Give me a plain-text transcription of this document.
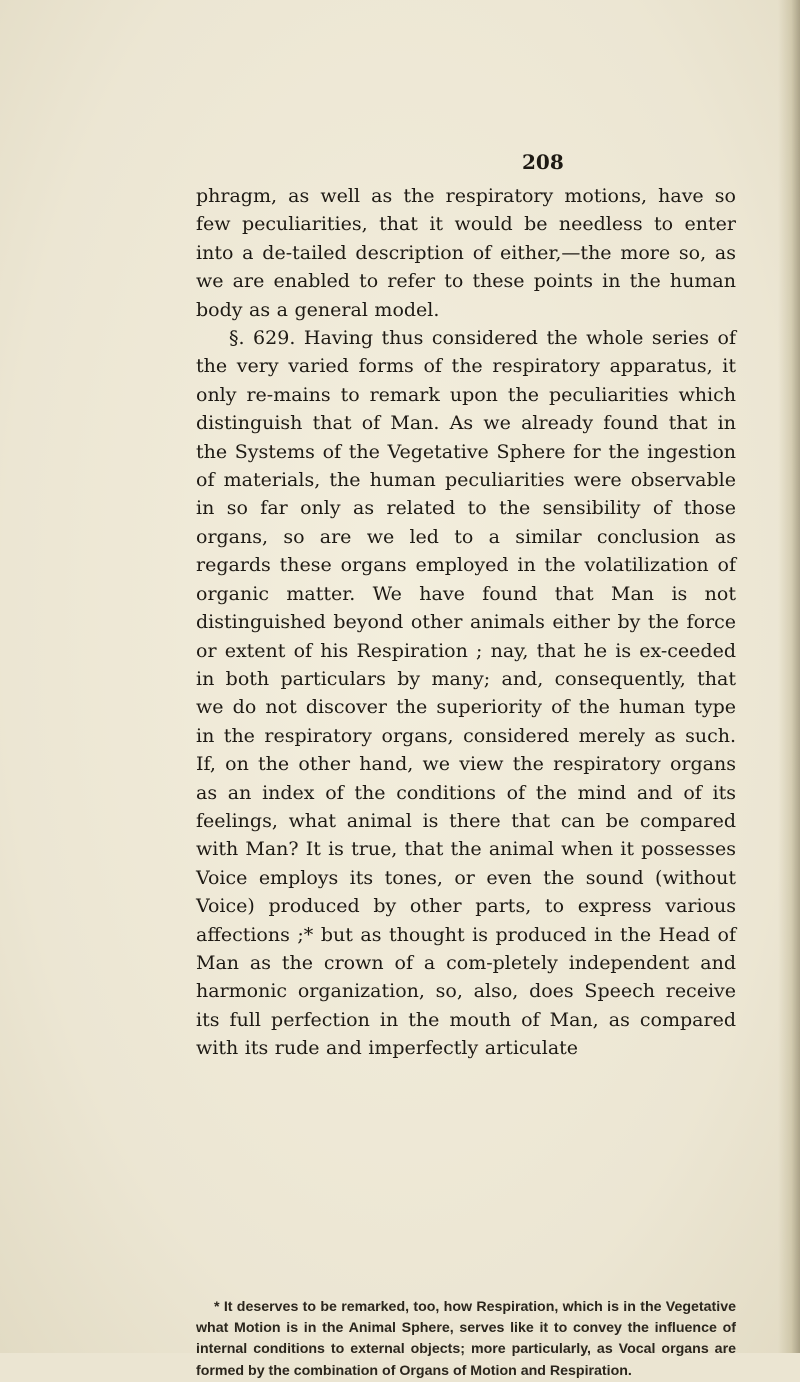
208

phragm, as well as the respiratory motions, have so few peculiarities, that it would be needless to enter into a de-tailed description of either,—the more so, as we are enabled to refer to these points in the human body as a general model.

§. 629. Having thus considered the whole series of the very varied forms of the respiratory apparatus, it only re-mains to remark upon the peculiarities which distinguish that of Man. As we already found that in the Systems of the Vegetative Sphere for the ingestion of materials, the human peculiarities were observable in so far only as related to the sensibility of those organs, so are we led to a similar conclusion as regards these organs employed in the volatilization of organic matter. We have found that Man is not distinguished beyond other animals either by the force or extent of his Respiration ; nay, that he is ex-ceeded in both particulars by many; and, consequently, that we do not discover the superiority of the human type in the respiratory organs, considered merely as such. If, on the other hand, we view the respiratory organs as an index of the conditions of the mind and of its feelings, what animal is there that can be compared with Man? It is true, that the animal when it possesses Voice employs its tones, or even the sound (without Voice) produced by other parts, to express various affections ;* but as thought is produced in the Head of Man as the crown of a com-pletely independent and harmonic organization, so, also, does Speech receive its full perfection in the mouth of Man, as compared with its rude and imperfectly articulate

* It deserves to be remarked, too, how Respiration, which is in the Vegetative what Motion is in the Animal Sphere, serves like it to convey the influence of internal conditions to external objects; more particularly, as Vocal organs are formed by the combination of Organs of Motion and Respiration.
